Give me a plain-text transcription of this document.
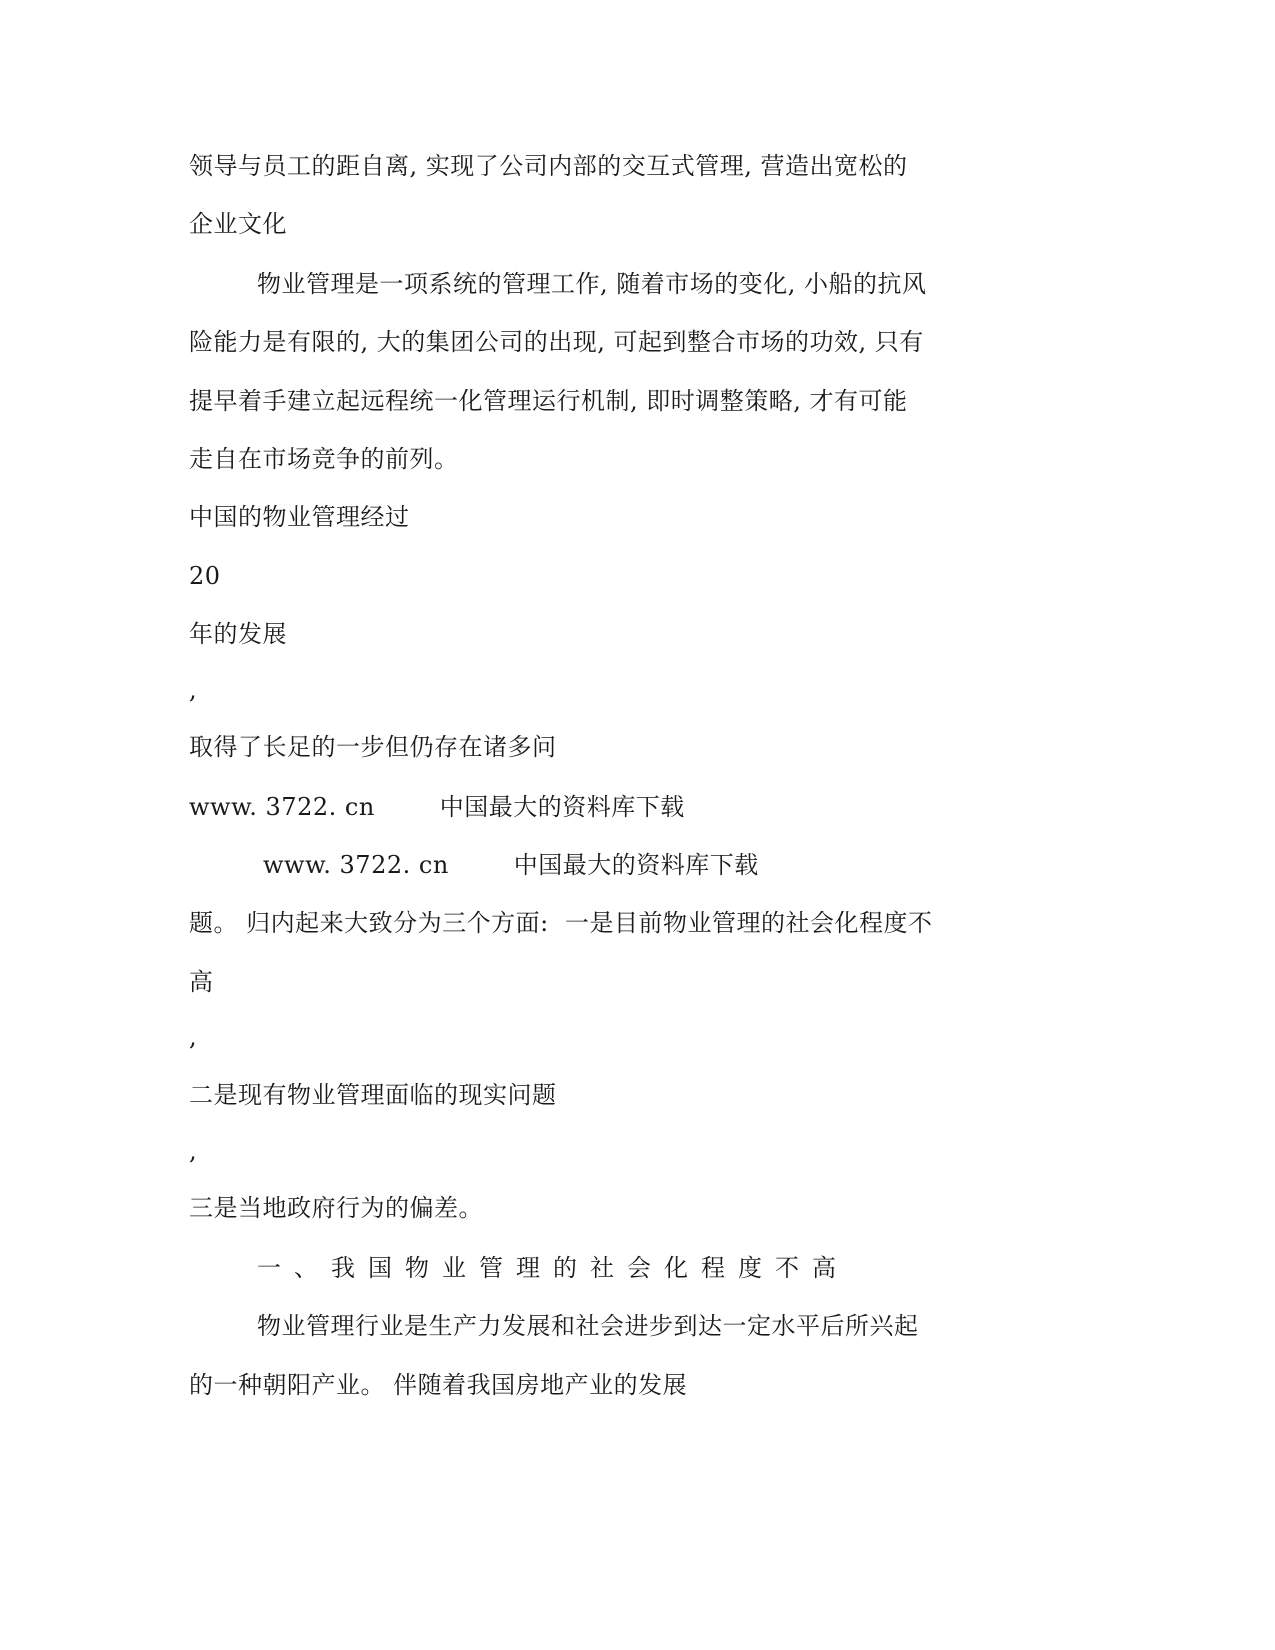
领导与员工的距自离, 实现了公司内部的交互式管理, 营造出宽松的
企业文化
物业管理是一项系统的管理工作, 随着市场的变化, 小船的抗风
险能力是有限的, 大的集团公司的出现, 可起到整合市场的功效, 只有
提早着手建立起远程统一化管理运行机制, 即时调整策略, 才有可能
走自在市场竞争的前列。
中国的物业管理经过
20
年的发展
,
取得了长足的一步但仍存在诸多问
www. 3722. cn        中国最大的资料库下载
www. 3722. cn        中国最大的资料库下载
题。 归内起来大致分为三个方面:  一是目前物业管理的社会化程度不
高
,
二是现有物业管理面临的现实问题
,
三是当地政府行为的偏差。
一、我国物业管理的社会化程度不高
物业管理行业是生产力发展和社会进步到达一定水平后所兴起
的一种朝阳产业。 伴随着我国房地产业的发展
